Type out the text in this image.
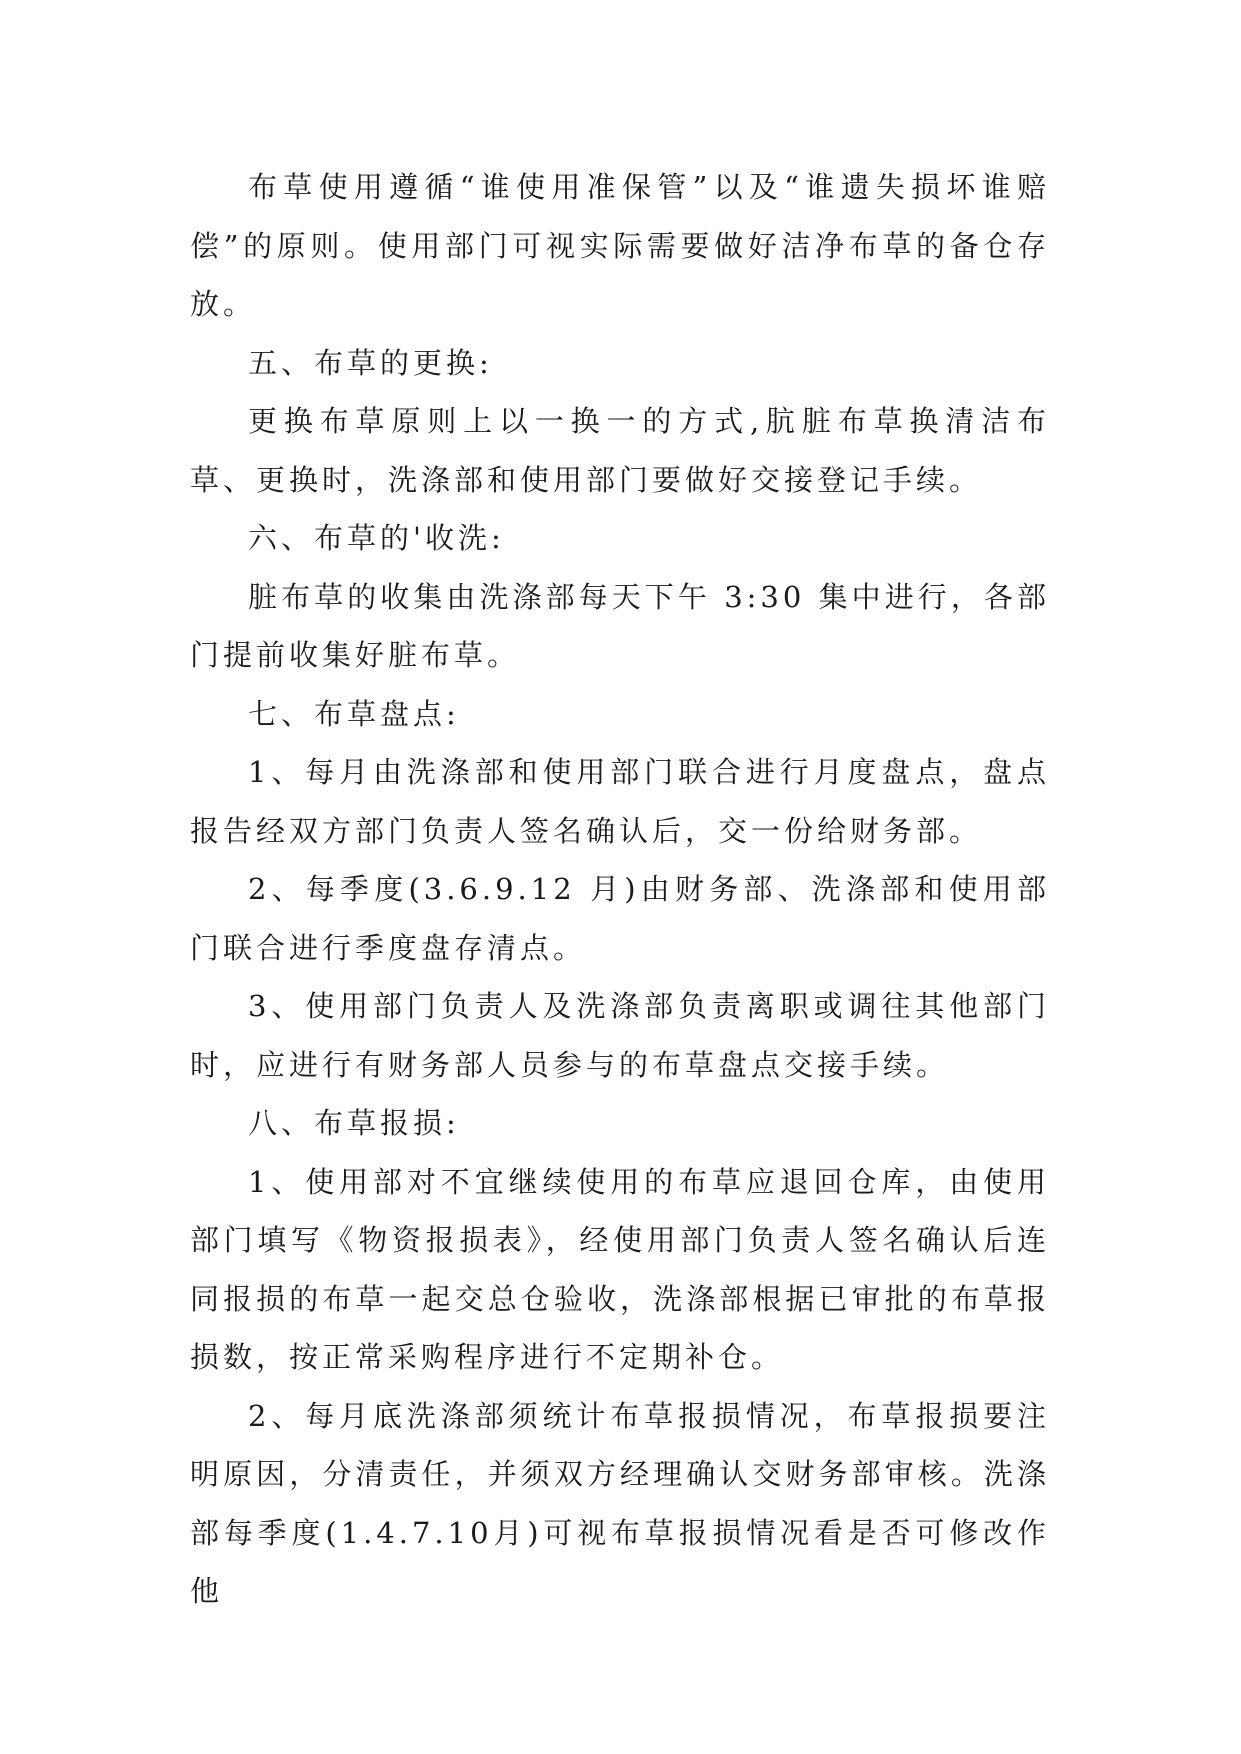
布草使用遵循“谁使用准保管”以及“谁遗失损坏谁赔偿”的原则。使用部门可视实际需要做好洁净布草的备仓存放。

五、布草的更换:

更换布草原则上以一换一的方式,肮脏布草换清洁布草、更换时，洗涤部和使用部门要做好交接登记手续。

六、布草的'收洗:

脏布草的收集由洗涤部每天下午 3:30 集中进行，各部门提前收集好脏布草。

七、布草盘点:

1、每月由洗涤部和使用部门联合进行月度盘点，盘点报告经双方部门负责人签名确认后，交一份给财务部。

2、每季度(3.6.9.12 月)由财务部、洗涤部和使用部门联合进行季度盘存清点。

3、使用部门负责人及洗涤部负责离职或调往其他部门时，应进行有财务部人员参与的布草盘点交接手续。

八、布草报损:

1、使用部对不宜继续使用的布草应退回仓库，由使用部门填写《物资报损表》，经使用部门负责人签名确认后连同报损的布草一起交总仓验收，洗涤部根据已审批的布草报损数，按正常采购程序进行不定期补仓。

2、每月底洗涤部须统计布草报损情况，布草报损要注明原因，分清责任，并须双方经理确认交财务部审核。洗涤部每季度(1.4.7.10月)可视布草报损情况看是否可修改作他
